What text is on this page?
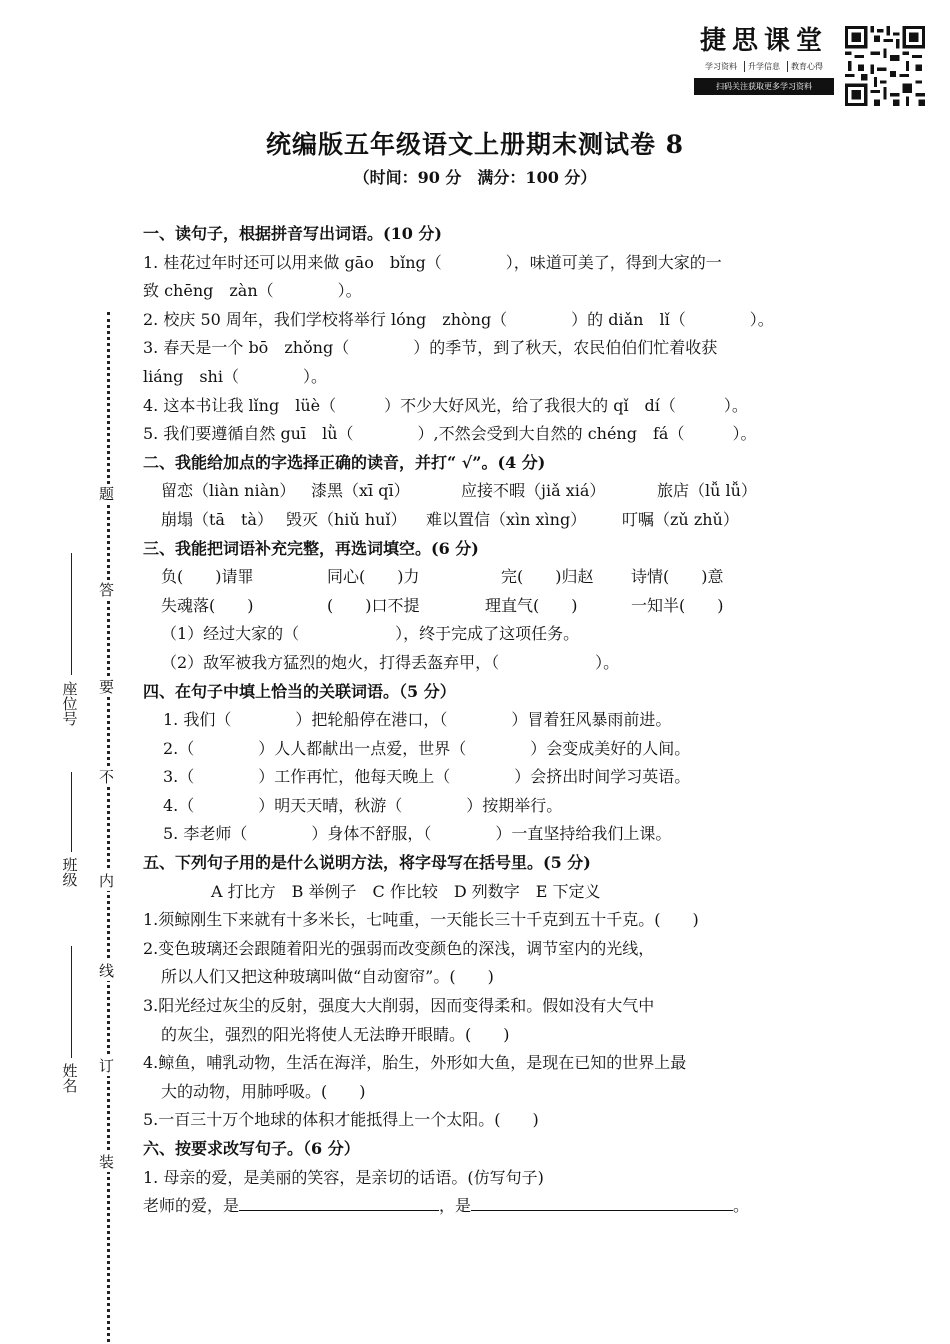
捷思课堂
学习资料	升学信息	教育心得
扫码关注获取更多学习资料
统编版五年级语文上册期末测试卷 8
（时间：90 分　满分：100 分）
题
答
要
不
内
线
订
装
座位号
班级
姓名
一、读句子，根据拼音写出词语。(10 分)
1. 桂花过年时还可以用来做 gāo　bǐng（　　　　），味道可美了，得到大家的一
致 chēng　zàn（　　　　）。
2. 校庆 50 周年，我们学校将举行 lóng　zhòng（　　　　）的 diǎn　lǐ（　　　　）。
3. 春天是一个 bō　zhǒng（　　　　）的季节，到了秋天，农民伯伯们忙着收获
liáng　shi（　　　　）。
4. 这本书让我 lǐng　lüè（　　　）不少大好风光，给了我很大的 qǐ　dí（　　　）。
5. 我们要遵循自然 guī　lǜ（　　　　）,不然会受到大自然的 chéng　fá（　　　）。
二、我能给加点的字选择正确的读音，并打“ √”。(4 分)
留恋（liàn niàn） 漆黑（xī qī）	应接不暇（jiǎ xiá）	旅店（lǚ lǚ）
崩塌（tā　tà） 毁灭（hiǔ huǐ） 难以置信（xìn xìng） 叮嘱（zǔ zhǔ）
三、我能把词语补充完整，再选词填空。(6 分)
负(　　)请罪	同心(　　)力	完(　　)归赵 诗情(　　)意
失魂落(　　)	(　　)口不提	理直气(　　)	一知半(　　)
（1）经过大家的（　　　　　　），终于完成了这项任务。
（2）敌军被我方猛烈的炮火，打得丢盔弃甲，（　　　　　　）。
四、在句子中填上恰当的关联词语。（5 分）
1. 我们（　　　　）把轮船停在港口，（　　　　）冒着狂风暴雨前进。
2.（　　　　）人人都献出一点爱，世界（　　　　）会变成美好的人间。
3.（　　　　）工作再忙，他每天晚上（　　　　）会挤出时间学习英语。
4.（　　　　）明天天晴，秋游（　　　　）按期举行。
5. 李老师（　　　　）身体不舒服，（　　　　）一直坚持给我们上课。
五、下列句子用的是什么说明方法，将字母写在括号里。(5 分)
A 打比方　B 举例子　C 作比较　D 列数字　E 下定义
1.须鲸刚生下来就有十多米长，七吨重，一天能长三十千克到五十千克。(　　)
2.变色玻璃还会跟随着阳光的强弱而改变颜色的深浅，调节室内的光线，
所以人们又把这种玻璃叫做“自动窗帘”。(　　)
3.阳光经过灰尘的反射，强度大大削弱，因而变得柔和。假如没有大气中
的灰尘，强烈的阳光将使人无法睁开眼睛。(　　)
4.鲸鱼，哺乳动物，生活在海洋，胎生，外形如大鱼，是现在已知的世界上最
大的动物，用肺呼吸。(　　)
5.一百三十万个地球的体积才能抵得上一个太阳。(　　)
六、按要求改写句子。（6 分）
1. 母亲的爱，是美丽的笑容，是亲切的话语。(仿写句子)
老师的爱，是	，是	。
